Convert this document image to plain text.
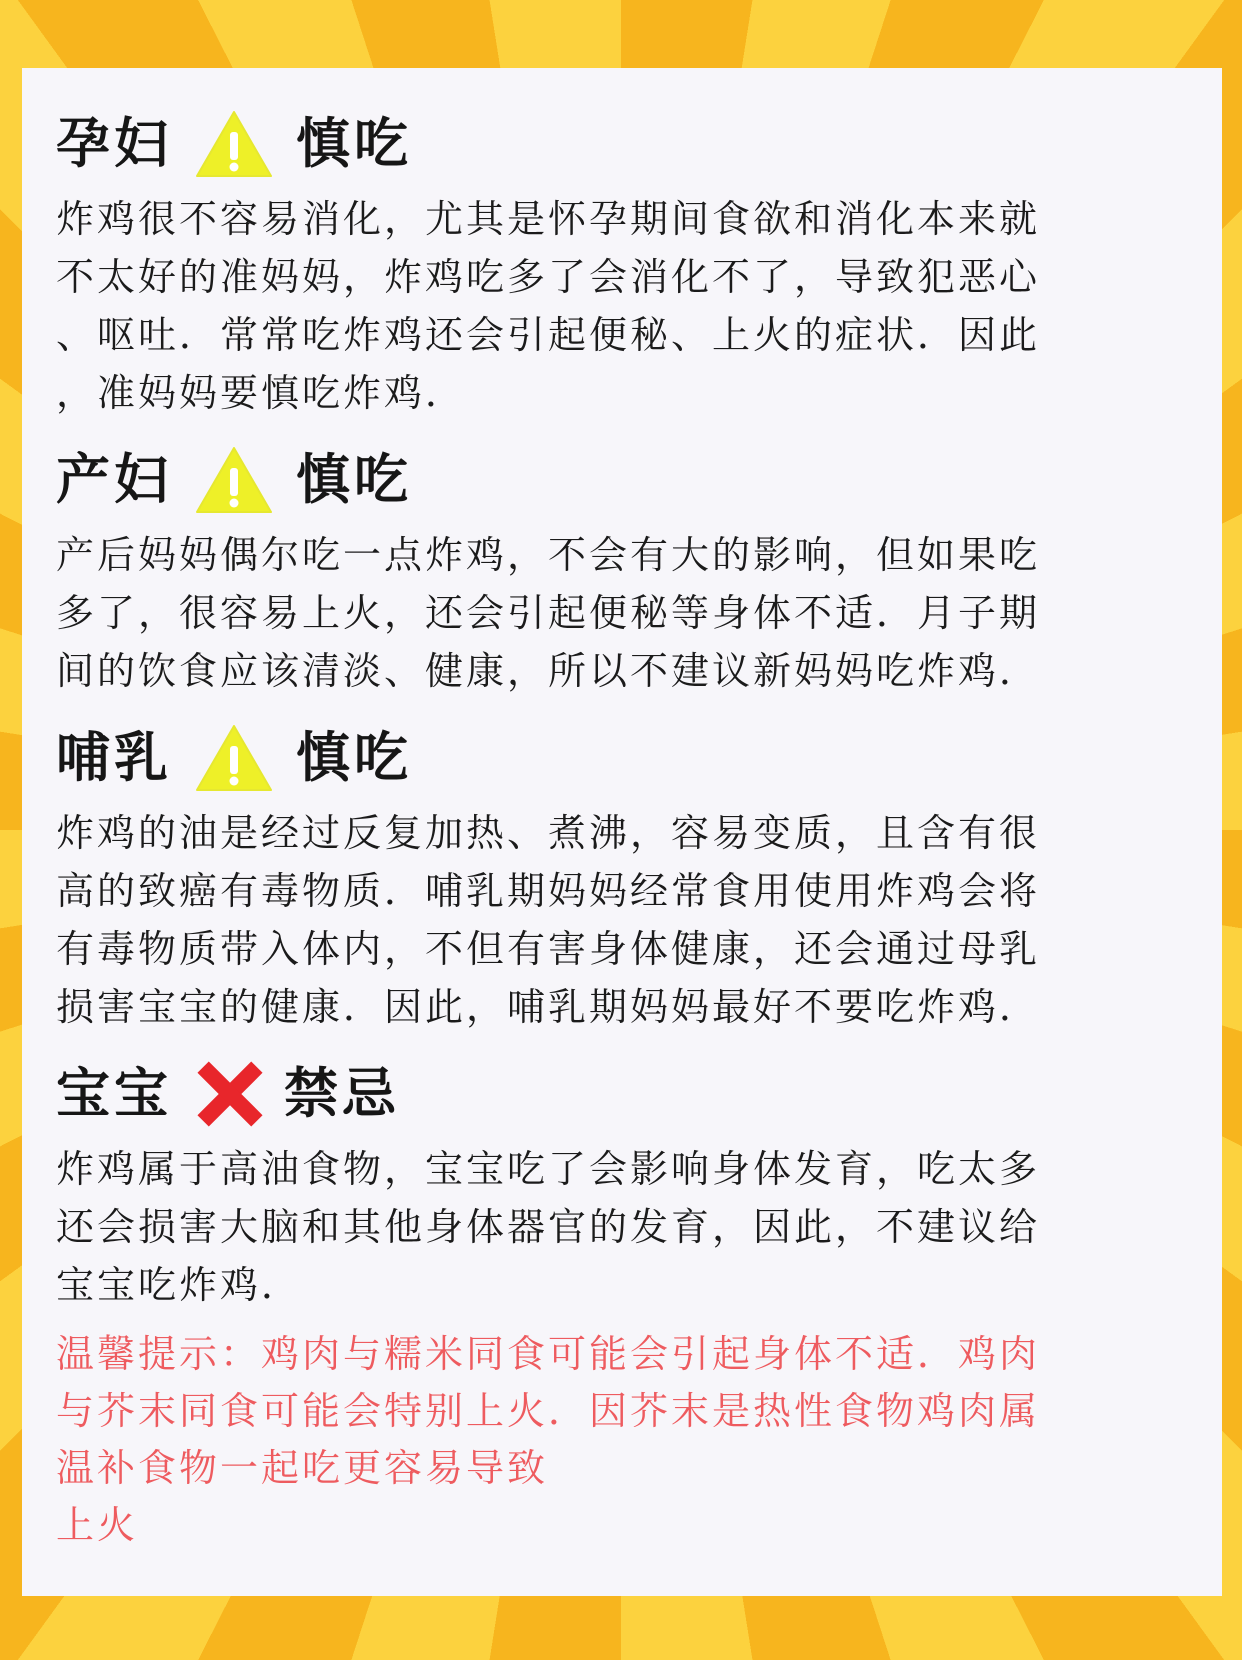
孕妇 慎吃

炸鸡很不容易消化，尤其是怀孕期间食欲和消化本来就
不太好的准妈妈，炸鸡吃多了会消化不了，导致犯恶心
、呕吐．常常吃炸鸡还会引起便秘、上火的症状．因此
，准妈妈要慎吃炸鸡．

产妇 慎吃

产后妈妈偶尔吃一点炸鸡，不会有大的影响，但如果吃
多了，很容易上火，还会引起便秘等身体不适．月子期
间的饮食应该清淡、健康，所以不建议新妈妈吃炸鸡．

哺乳 慎吃

炸鸡的油是经过反复加热、煮沸，容易变质，且含有很
高的致癌有毒物质．哺乳期妈妈经常食用使用炸鸡会将
有毒物质带入体内，不但有害身体健康，还会通过母乳
损害宝宝的健康．因此，哺乳期妈妈最好不要吃炸鸡．

宝宝 禁忌

炸鸡属于高油食物，宝宝吃了会影响身体发育，吃太多
还会损害大脑和其他身体器官的发育，因此，不建议给
宝宝吃炸鸡．

温馨提示：鸡肉与糯米同食可能会引起身体不适．鸡肉
与芥末同食可能会特别上火．因芥末是热性食物鸡肉属
温补食物一起吃更容易导致
上火
